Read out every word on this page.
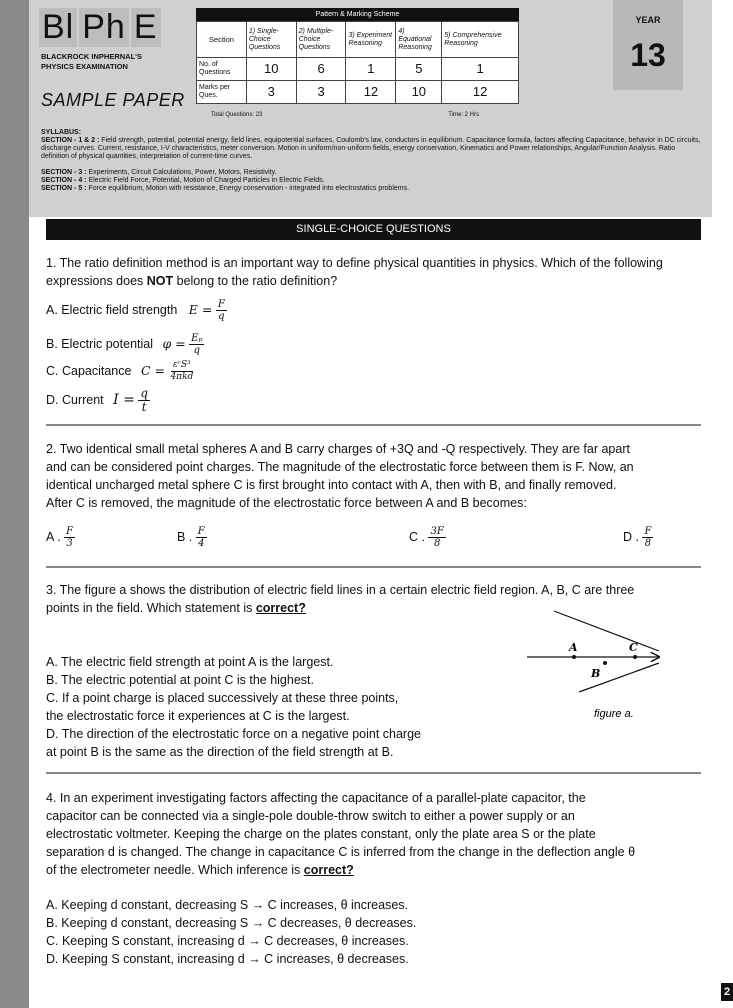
Bl Ph E
BLACKROCK INPHERNAL'S
PHYSICS EXAMINATION
SAMPLE PAPER
Pattern & Marking Scheme
Section	1) Single-Choice Questions	2) Multiple-Choice Questions	3) Experiment Reasoning	4) Equational Reasoning	5) Comprehensive Reasoning
No. of Questions	10	6	1	5	1
Marks per Ques.	3	3	12	10	12
Total Questions: 23	Time: 2 Hrs
YEAR
13
SYLLABUS:
SECTION - 1 & 2 : Field strength, potential, potential energy, field lines, equipotential surfaces, Coulomb's law, conductors in equilibrium. Capacitance formula, factors affecting Capacitance, behavior in DC circuits, discharge curves. Current, resistance, I-V characteristics, meter conversion. Motion in uniform/non-uniform fields, energy conservation, Kinematics and Power relationships, Angular/Function Analysis. Ratio definition of physical quantities, interpretation of current-time curves.
SECTION - 3 : Experiments, Circuit Calculations, Power, Motors, Resistivity.
SECTION - 4 : Electric Field Force, Potential, Motion of Charged Particles in Electric Fields.
SECTION - 5 : Force equilibrium, Motion with resistance, Energy conservation - integrated into electrostatics problems.
SINGLE-CHOICE QUESTIONS
1. The ratio definition method is an important way to define physical quantities in physics. Which of the following expressions does NOT belong to the ratio definition?
A. Electric field strength $E = \frac{F}{q}$
B. Electric potential $\varphi = \frac{\text{Eₚ}}{q}$
C. Capacitance $C = \frac{\text{εʳS³}}{\text{4πkd}}$
D. Current $I = \frac{q}{t}$
2. Two identical small metal spheres A and B carry charges of +3Q and -Q respectively. They are far apart
and can be considered point charges. The magnitude of the electrostatic force between them is F. Now, an
identical uncharged metal sphere C is first brought into contact with A, then with B, and finally removed.
After C is removed, the magnitude of the electrostatic force between A and B becomes:
A . $\frac{F}{3}$	B . $\frac{F}{4}$	C . $\frac{3F}{8}$	D . $\frac{F}{8}$
3. The figure a shows the distribution of electric field lines in a certain electric field region. A, B, C are three
points in the field. Which statement is correct?
A. The electric field strength at point A is the largest.
B. The electric potential at point C is the highest.
C. If a point charge is placed successively at these three points,
the electrostatic force it experiences at C is the largest.
D. The direction of the electrostatic force on a negative point charge
at point B is the same as the direction of the field strength at B.
A	C
B
figure a.
4. In an experiment investigating factors affecting the capacitance of a parallel-plate capacitor, the
capacitor can be connected via a single-pole double-throw switch to either a power supply or an
electrostatic voltmeter. Keeping the charge on the plates constant, only the plate area S or the plate
separation d is changed. The change in capacitance C is inferred from the change in the deflection angle θ
of the electrometer needle. Which inference is correct?
A. Keeping d constant, decreasing S → C increases, θ increases.
B. Keeping d constant, decreasing S → C decreases, θ decreases.
C. Keeping S constant, increasing d → C decreases, θ increases.
D. Keeping S constant, increasing d → C increases, θ decreases.
2
